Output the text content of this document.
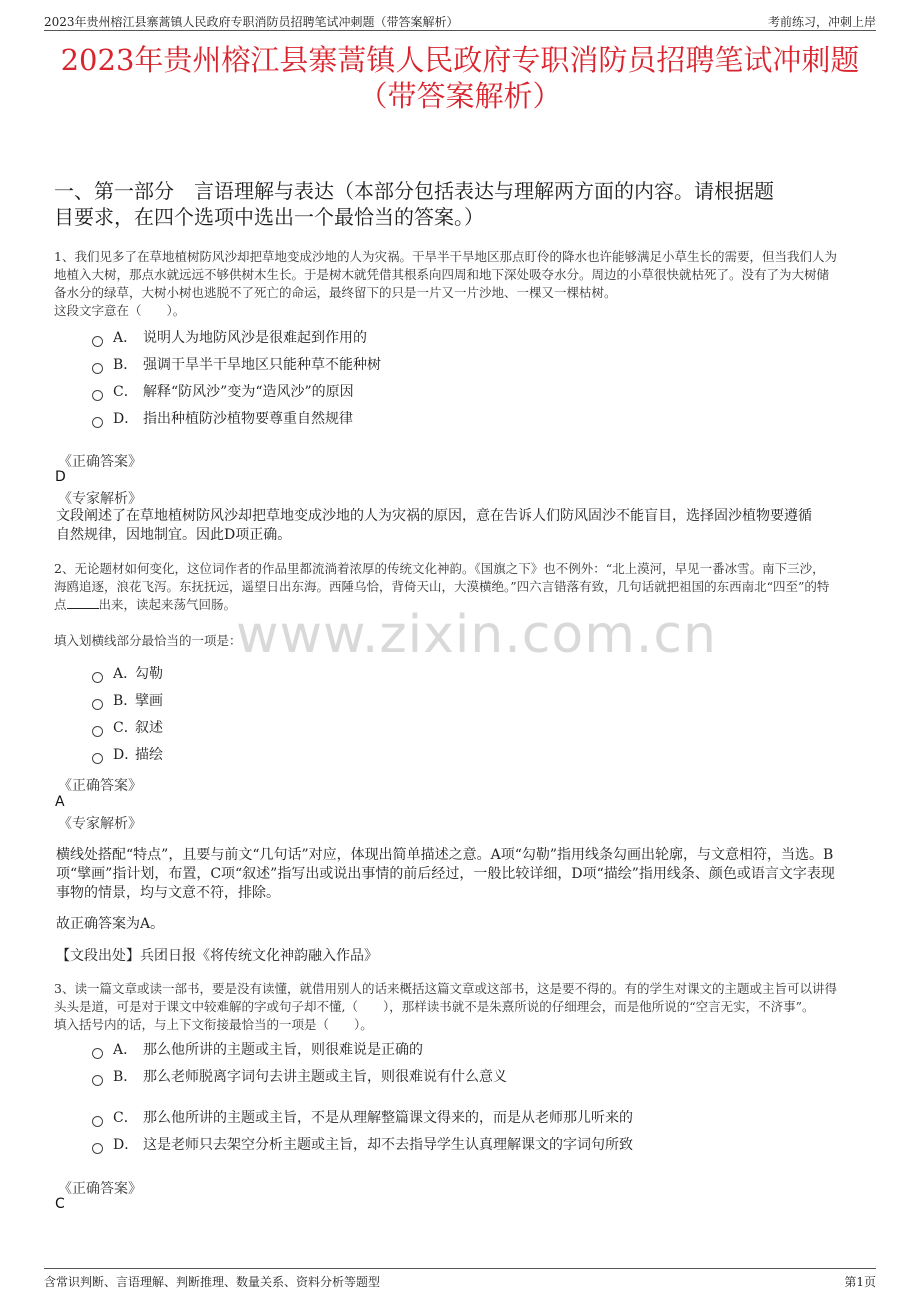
2023年贵州榕江县寨蒿镇人民政府专职消防员招聘笔试冲刺题（带答案解析）	考前练习，冲刺上岸
2023年贵州榕江县寨蒿镇人民政府专职消防员招聘笔试冲刺题
（带答案解析）
一、第一部分　言语理解与表达（本部分包括表达与理解两方面的内容。请根据题
目要求，在四个选项中选出一个最恰当的答案。）
www.zixin.com.cn
1、我们见多了在草地植树防风沙却把草地变成沙地的人为灾祸。干旱半干旱地区那点盯伶的降水也许能够满足小草生长的需要，但当我们人为
地植入大树，那点水就远远不够供树木生长。于是树木就凭借其根系向四周和地下深处吸夺水分。周边的小草很快就枯死了。没有了为大树储
备水分的绿草，大树小树也逃脱不了死亡的命运，最终留下的只是一片又一片沙地、一棵又一棵枯树。
这段文字意在（　　）。
A． 说明人为地防风沙是很难起到作用的
B． 强调干旱半干旱地区只能种草不能种树
C． 解释“防风沙”变为“造风沙”的原因
D． 指出种植防沙植物要尊重自然规律
《正确答案》
D
《专家解析》
文段阐述了在草地植树防风沙却把草地变成沙地的人为灾祸的原因，意在告诉人们防风固沙不能盲目，选择固沙植物要遵循
自然规律，因地制宜。因此D项正确。
2、无论题材如何变化，这位词作者的作品里都流淌着浓厚的传统文化神韵。《国旗之下》也不例外：“北上漠河，早见一番冰雪。南下三沙，
海鸥追逐，浪花飞泻。东抚抚远，遥望日出东海。西陲乌恰，背倚天山，大漠横绝。”四六言错落有致，几句话就把祖国的东西南北“四至”的特
点	出来，读起来荡气回肠。
填入划横线部分最恰当的一项是：
A．勾勒
B．擘画
C．叙述
D．描绘
《正确答案》
A
《专家解析》
横线处搭配“特点”，且要与前文“几句话”对应，体现出简单描述之意。A项“勾勒”指用线条勾画出轮廓，与文意相符，当选。B
项“擘画”指计划，布置，C项“叙述”指写出或说出事情的前后经过，一般比较详细，D项“描绘”指用线条、颜色或语言文字表现
事物的情景，均与文意不符，排除。
故正确答案为A。
【文段出处】兵团日报《将传统文化神韵融入作品》
3、读一篇文章或读一部书，要是没有读懂，就借用别人的话来概括这篇文章或这部书，这是要不得的。有的学生对课文的主题或主旨可以讲得
头头是道，可是对于课文中较难解的字或句子却不懂,（　　），那样读书就不是朱熹所说的仔细理会，而是他所说的“空言无实，不济事”。
填入括号内的话，与上下文衔接最恰当的一项是（　　）。
A． 那么他所讲的主题或主旨，则很难说是正确的
B． 那么老师脱离字词句去讲主题或主旨，则很难说有什么意义
C． 那么他所讲的主题或主旨，不是从理解整篇课文得来的，而是从老师那儿听来的
D． 这是老师只去架空分析主题或主旨，却不去指导学生认真理解课文的字词句所致
《正确答案》
C
含常识判断、言语理解、判断推理、数量关系、资料分析等题型	第1页
